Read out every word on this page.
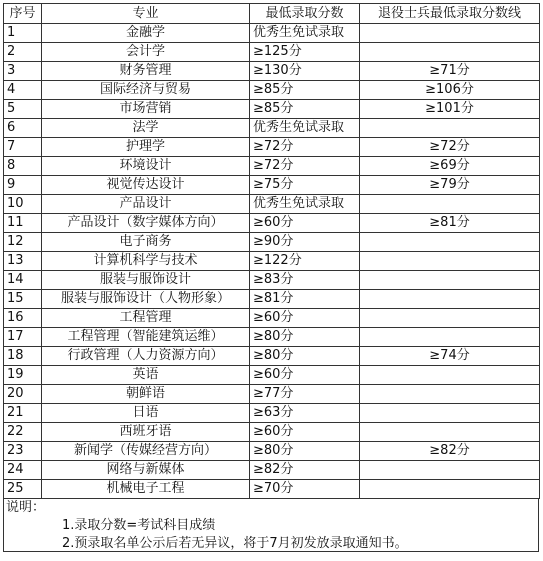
序号	专业	最低录取分数	退役士兵最低录取分数线
1	金融学	优秀生免试录取	
2	会计学	≥125分	
3	财务管理	≥130分	≥71分
4	国际经济与贸易	≥85分	≥106分
5	市场营销	≥85分	≥101分
6	法学	优秀生免试录取	
7	护理学	≥72分	≥72分
8	环境设计	≥72分	≥69分
9	视觉传达设计	≥75分	≥79分
10	产品设计	优秀生免试录取	
11	产品设计（数字媒体方向）	≥60分	≥81分
12	电子商务	≥90分	
13	计算机科学与技术	≥122分	
14	服装与服饰设计	≥83分	
15	服装与服饰设计（人物形象）	≥81分	
16	工程管理	≥60分	
17	工程管理（智能建筑运维）	≥80分	
18	行政管理（人力资源方向）	≥80分	≥74分
19	英语	≥60分	
20	朝鲜语	≥77分	
21	日语	≥63分	
22	西班牙语	≥60分	
23	新闻学（传媒经营方向）	≥80分	≥82分
24	网络与新媒体	≥82分	
25	机械电子工程	≥70分	
说明：
1.录取分数=考试科目成绩
2.预录取名单公示后若无异议，将于7月初发放录取通知书。
